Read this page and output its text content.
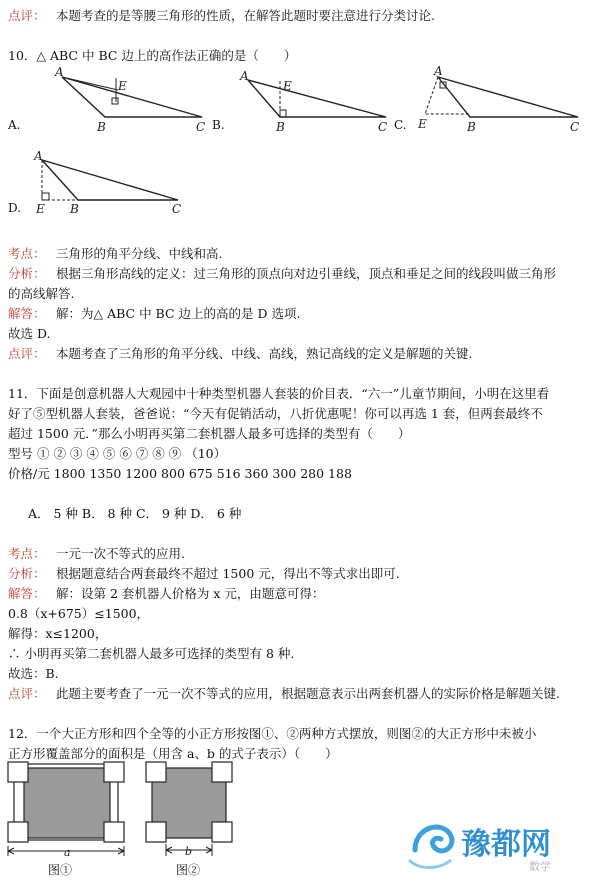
点评： 本题考查的是等腰三角形的性质，在解答此题时要注意进行分类讨论.
10．△ ABC 中 BC 边上的高作法正确的是（　　）
A
B	C
E
A
B	C
E
A
B	C
E
A
B	C
E
A.	B.	C.
D.
考点： 三角形的角平分线、中线和高.
分析： 根据三角形高线的定义：过三角形的顶点向对边引垂线，顶点和垂足之间的线段叫做三角形
的高线解答.
解答： 解：为△ ABC 中 BC 边上的高的是 D 选项.
故选 D.
点评： 本题考查了三角形的角平分线、中线、高线，熟记高线的定义是解题的关键.
11．下面是创意机器人大观园中十种类型机器人套装的价目表．“六一”儿童节期间，小明在这里看
好了⑤型机器人套装，爸爸说：“今天有促销活动，八折优惠呢！你可以再选 1 套，但两套最终不
超过 1500 元．”那么小明再买第二套机器人最多可选择的类型有（　　）
型号 ① ② ③ ④ ⑤ ⑥ ⑦ ⑧ ⑨ （10）
价格/元 1800 1350 1200 800 675 516 360 300 280 188
A． 5 种 B． 8 种 C． 9 种 D． 6 种
考点： 一元一次不等式的应用.
分析： 根据题意结合两套最终不超过 1500 元，得出不等式求出即可.
解答： 解：设第 2 套机器人价格为 x 元，由题意可得：
0.8（x+675）≤1500，
解得：x≤1200，
∴ 小明再买第二套机器人最多可选择的类型有 8 种.
故选：B.
点评： 此题主要考查了一元一次不等式的应用，根据题意表示出两套机器人的实际价格是解题关键.
12．一个大正方形和四个全等的小正方形按图①、②两种方式摆放，则图②的大正方形中未被小
正方形覆盖部分的面积是（用含 a、b 的式子表示）（　　）
a
图①
b
图②
豫都网
数学
